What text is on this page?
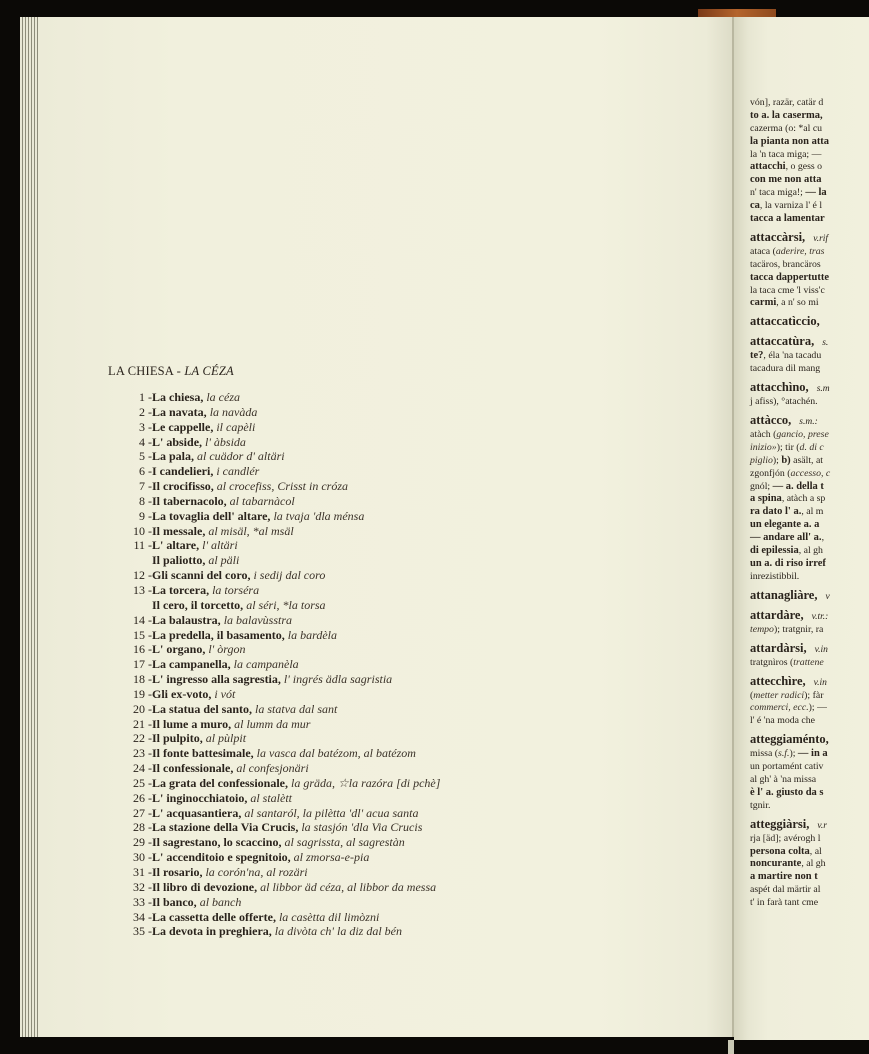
LA CHIESA - LA CÉZA
1 -La chiesa, la céza
2 -La navata, la navàda
3 -Le cappelle, il capèli
4 -L' abside, l' àbsida
5 -La pala, al cuädor d' altäri
6 -I candelieri, i candlér
7 -Il crocifisso, al crocefiss, Crisst in cróza
8 -Il tabernacolo, al tabarnàcol
9 -La tovaglia dell' altare, la tvaja 'dla ménsa
10 -Il messale, al misäl, *al msäl
11 -L' altare, l' altäri
Il paliotto, al päli
12 -Gli scanni del coro, i sedij dal coro
13 -La torcera, la torséra
Il cero, il torcetto, al séri, *la torsa
14 -La balaustra, la balavùsstra
15 -La predella, il basamento, la bardèla
16 -L' organo, l' òrgon
17 -La campanella, la campanèla
18 -L' ingresso alla sagrestia, l' ingrés ädla sagristia
19 -Gli ex-voto, i vót
20 -La statua del santo, la statva dal sant
21 -Il lume a muro, al lumm da mur
22 -Il pulpito, al pùlpit
23 -Il fonte battesimale, la vasca dal batézom, al batézom
24 -Il confessionale, al confesjonäri
25 -La grata del confessionale, la gräda, ☆la razóra [di pchè]
26 -L' inginocchiatoio, al stalètt
27 -L' acquasantiera, al santaról, la pilètta 'dl' acua santa
28 -La stazione della Via Crucis, la stasjón 'dla Via Crucis
29 -Il sagrestano, lo scaccino, al sagrissta, al sagrestàn
30 -L' accenditoio e spegnitoio, al zmorsa-e-pia
31 -Il rosario, la corón'na, al rozäri
32 -Il libro di devozione, al libbor äd céza, al libbor da messa
33 -Il banco, al banch
34 -La cassetta delle offerte, la casètta dil limòzni
35 -La devota in preghiera, la divòta ch' la diz dal bén
vón], razär, catär d
to a. la caserma,
cazerma (o: *al cu
la pianta non atta
la 'n taca miga; —
attacchi, o gess o
con me non atta
n' taca miga!; — la
ca, la varniza l' é l
tacca a lamentar
attaccàrsi, v.rif
ataca (aderire, tras
tacäros, brancäros
tacca dappertutte
la taca cme 'l viss'c
carmi, a n' so mi
attaccatìccio,
attaccatùra, s.
te?, éla 'na tacadu
tacadura dil mang
attacchìno, s.m
j afiss), °atachén.
attàcco, s.m.:
atàch (gancio, prese
inizio»); tir (d. di c
piglio); b) asält, at
zgonfjón (accesso, c
gnól; — a. della t
a spina, atàch a sp
ra dato l' a., al m
un elegante a. a
— andare all' a.,
di epilessia, al gh
un a. di riso irref
inrezistibbil.
attanagliàre, v
attardàre, v.tr.:
tempo); tratgnir, ra
attardàrsi, v.in
tratgnìros (trattene
attecchìre, v.in
(metter radici); fàr
commerci, ecc.); —
l' é 'na moda che
atteggiaménto,
missa (s.f.); — in a
un portamént cativ
al gh' à 'na missa
è l' a. giusto da s
tgnir.
atteggiàrsi, v.r
rja [äd]; avérogh l
persona colta, al
noncurante, al gh
a martire non t
aspét dal märtir al
t' in farà tant cme
